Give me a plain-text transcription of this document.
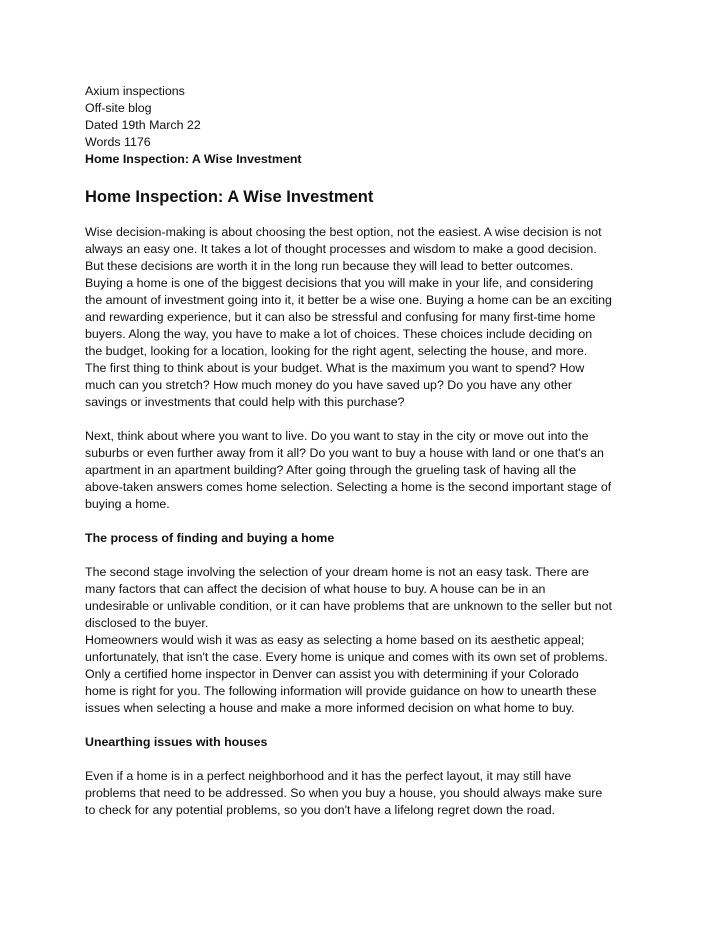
Axium inspections
Off-site blog
Dated 19th March 22
Words 1176
Home Inspection: A Wise Investment
Home Inspection: A Wise Investment
Wise decision-making is about choosing the best option, not the easiest. A wise decision is not
always an easy one. It takes a lot of thought processes and wisdom to make a good decision.
But these decisions are worth it in the long run because they will lead to better outcomes.
Buying a home is one of the biggest decisions that you will make in your life, and considering
the amount of investment going into it, it better be a wise one. Buying a home can be an exciting
and rewarding experience, but it can also be stressful and confusing for many first-time home
buyers. Along the way, you have to make a lot of choices. These choices include deciding on
the budget, looking for a location, looking for the right agent, selecting the house, and more.
The first thing to think about is your budget. What is the maximum you want to spend? How
much can you stretch? How much money do you have saved up? Do you have any other
savings or investments that could help with this purchase?
Next, think about where you want to live. Do you want to stay in the city or move out into the
suburbs or even further away from it all? Do you want to buy a house with land or one that's an
apartment in an apartment building? After going through the grueling task of having all the
above-taken answers comes home selection. Selecting a home is the second important stage of
buying a home.
The process of finding and buying a home
The second stage involving the selection of your dream home is not an easy task. There are
many factors that can affect the decision of what house to buy. A house can be in an
undesirable or unlivable condition, or it can have problems that are unknown to the seller but not
disclosed to the buyer.
Homeowners would wish it was as easy as selecting a home based on its aesthetic appeal;
unfortunately, that isn't the case. Every home is unique and comes with its own set of problems.
Only a certified home inspector in Denver can assist you with determining if your Colorado
home is right for you. The following information will provide guidance on how to unearth these
issues when selecting a house and make a more informed decision on what home to buy.
Unearthing issues with houses
Even if a home is in a perfect neighborhood and it has the perfect layout, it may still have
problems that need to be addressed. So when you buy a house, you should always make sure
to check for any potential problems, so you don't have a lifelong regret down the road.
